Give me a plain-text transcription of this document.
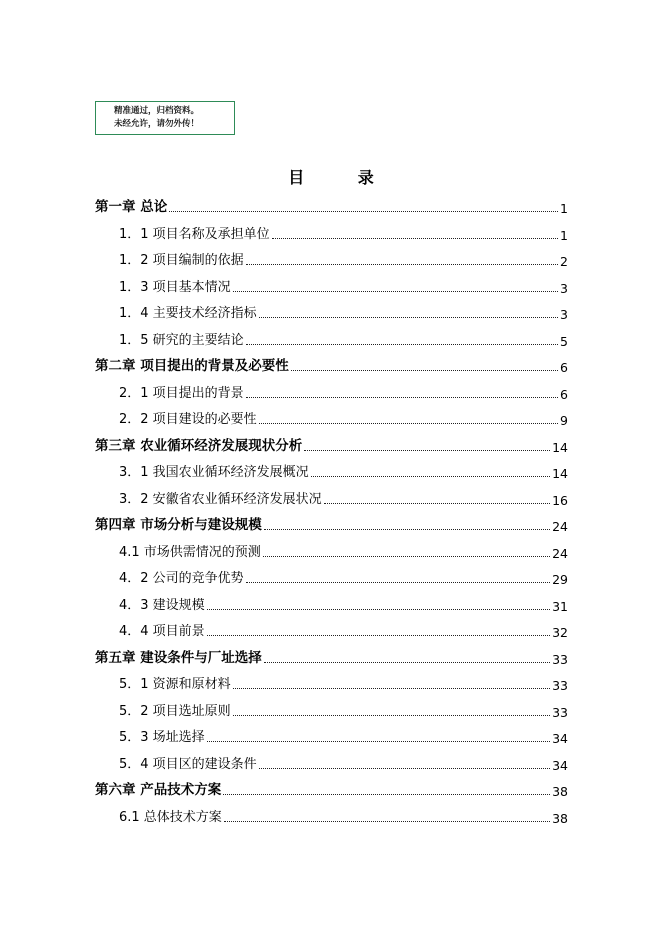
精准通过，归档资料。
未经允许，请勿外传！
目 录
第一章 总论	1
1．1 项目名称及承担单位	1
1．2 项目编制的依据	2
1．3 项目基本情况	3
1．4 主要技术经济指标	3
1．5 研究的主要结论	5
第二章 项目提出的背景及必要性	6
2．1 项目提出的背景	6
2．2 项目建设的必要性	9
第三章 农业循环经济发展现状分析	14
3．1 我国农业循环经济发展概况	14
3．2 安徽省农业循环经济发展状况	16
第四章 市场分析与建设规模	24
4.1 市场供需情况的预测	24
4．2 公司的竞争优势	29
4．3 建设规模	31
4．4 项目前景	32
第五章 建设条件与厂址选择	33
5．1 资源和原材料	33
5．2 项目选址原则	33
5．3 场址选择	34
5．4 项目区的建设条件	34
第六章 产品技术方案	38
6.1 总体技术方案	38
